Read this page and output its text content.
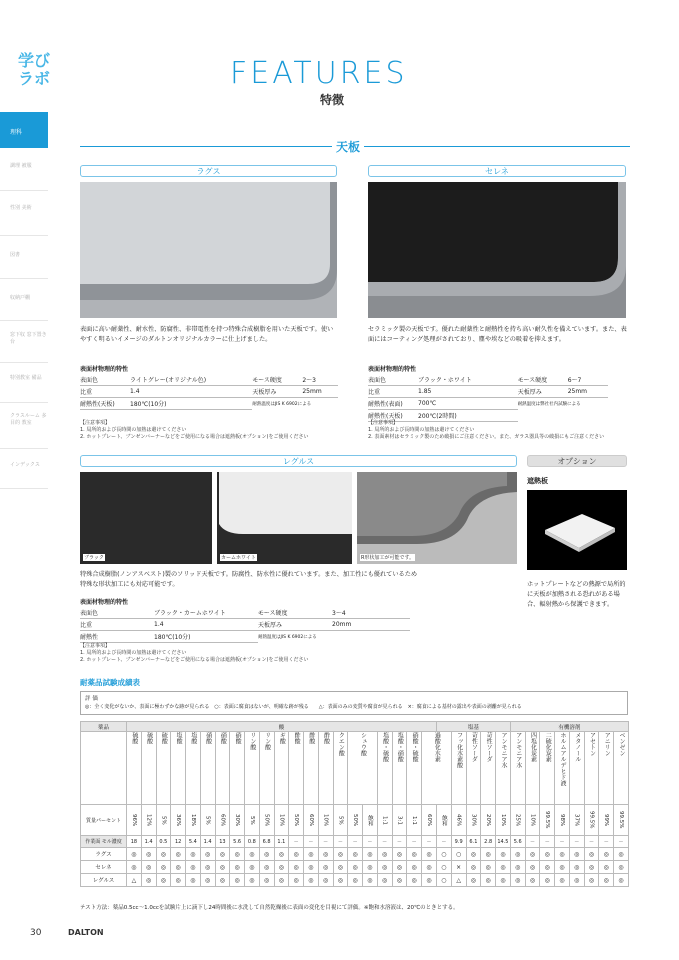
学び
ラボ
理科
調理 被服
性別 美術
図書
収納戸棚
窓下収 窓下置き台
特別教室 備品
クラスルーム 多目的 教室
インデックス
FEATURES
特徴
天板
ラグス
表面に高い耐薬性、耐水性、防腐性、非帯電性を持つ特殊合成樹脂を用いた天板です。使いやすく明るいイメージのダルトンオリジナルカラーに仕上げました。
表面材物理的特性
表面色	ライトグレー(オリジナル色)	モース硬度	2～3
比重	1.4	天板厚み	25mm
耐熱性(天板)	180℃(10分)	耐熱温度はJIS K 6902による	
【注意事項】
1. 局所的および長時間の加熱は避けてください
2. ホットプレート、ブンゼンバーナーなどをご使用になる場合は遮熱板(オプション)をご使用ください
セレネ
セラミック製の天板です。優れた耐薬性と耐熱性を持ち高い耐久性を備えています。また、表面にはコーティング処理がされており、塵や埃などの吸着を抑えます。
表面材物理的特性
表面色	ブラック・ホワイト	モース硬度	6～7
比重	1.85	天板厚み	25mm
耐熱性(表面)	700℃	耐熱温度は弊社社内試験による	
耐熱性(天板)	200℃(2時間)		
【注意事項】
1. 局所的および長時間の加熱は避けてください
2. 表面素材はセラミック製のため破損にご注意ください。また、ガラス器具等の破損にもご注意ください
レグルス
ブラック	カームホワイト	R形状加工が可能です。
特殊合成樹脂(ノンアスベスト)製のソリッド天板です。防腐性、防水性に優れています。また、加工性にも優れているため
特殊な形状加工にも対応可能です。
表面材物理的特性
表面色	ブラック・カームホワイト	モース硬度	3～4
比重	1.4	天板厚み	20mm
耐熱性	180℃(10分)	耐熱温度はJIS K 6902による	
【注意事項】
1. 局所的および長時間の加熱は避けてください
2. ホットプレート、ブンゼンバーナーなどをご使用になる場合は遮熱板(オプション)をご使用ください
オプション
遮熱板
ホットプレートなどの熱源で局所的に天板が加熱される恐れがある場合、輻射熱から保護できます。
耐薬品試験成績表
評 価
◎：全く変化がないか、表面に極わずかな跡が見られる　○：表面に腐食はないが、明確な跡が残る　　△：表面のみの変質や腐食が見られる　×：腐食による基材の露出や表面の剥離が見られる
薬品	酸																					塩基					有機溶剤							

	硫酸	硫酸	硫酸	塩酸	塩酸	硝酸	硝酸	硝酸	リン酸	リン酸	ギ酸	酢酸	酢酸	酢酸	クエン酸	シュウ酸		塩酸・硫酸	塩酸・硝酸	硝酸・硫酸	過酸化水素		フッ化水素酸	苛性ソーダ	苛性ソーダ	アンモニア水	アンモニア水	四塩化炭素	二硫化炭素	ホルムアルデヒド液	メタノール	アセトン	アニリン	ベンゼン

質量パーセント	96%	12%	5%	36%	18%	5%	60%	30%	5%	50%	10%	50%	60%	10%	5%	50%	飽和	1:1	3:1	1:1	60%	飽和	46%	30%	20%	10%	25%	10%	99.5%	98%	37%	99.5%	99%	99.5%

作業面 モル濃度	18	1.4	0.5	12	5.4	1.4	13	5.6	0.8	6.8	1.1	－	－	－	－	－	－	－	－	－	－	－	9.9	6.1	2.8	14.5	5.6	－	－	－	－	－	－	－
ラグス	◎	◎	◎	◎	◎	◎	◎	◎	◎	◎	◎	◎	◎	◎	◎	◎	◎	◎	◎	◎	◎	○	○	◎	◎	◎	◎	◎	◎	◎	◎	◎	◎	◎
セレネ	◎	◎	◎	◎	◎	◎	◎	◎	◎	◎	◎	◎	◎	◎	◎	◎	◎	◎	◎	◎	◎	○	×	◎	◎	◎	◎	◎	◎	◎	◎	◎	◎	◎
レグルス	△	◎	◎	◎	◎	◎	◎	◎	◎	◎	◎	◎	◎	◎	◎	◎	◎	◎	◎	◎	◎	○	△	◎	◎	◎	◎	◎	◎	◎	◎	◎	◎	◎
テスト方法：薬品0.5cc～1.0ccを試験片上に滴下し24時間後に水洗して自然乾燥後に表面の変化を目視にて評価。※飽和水溶液は、20℃のときとする。
30	DALTON
